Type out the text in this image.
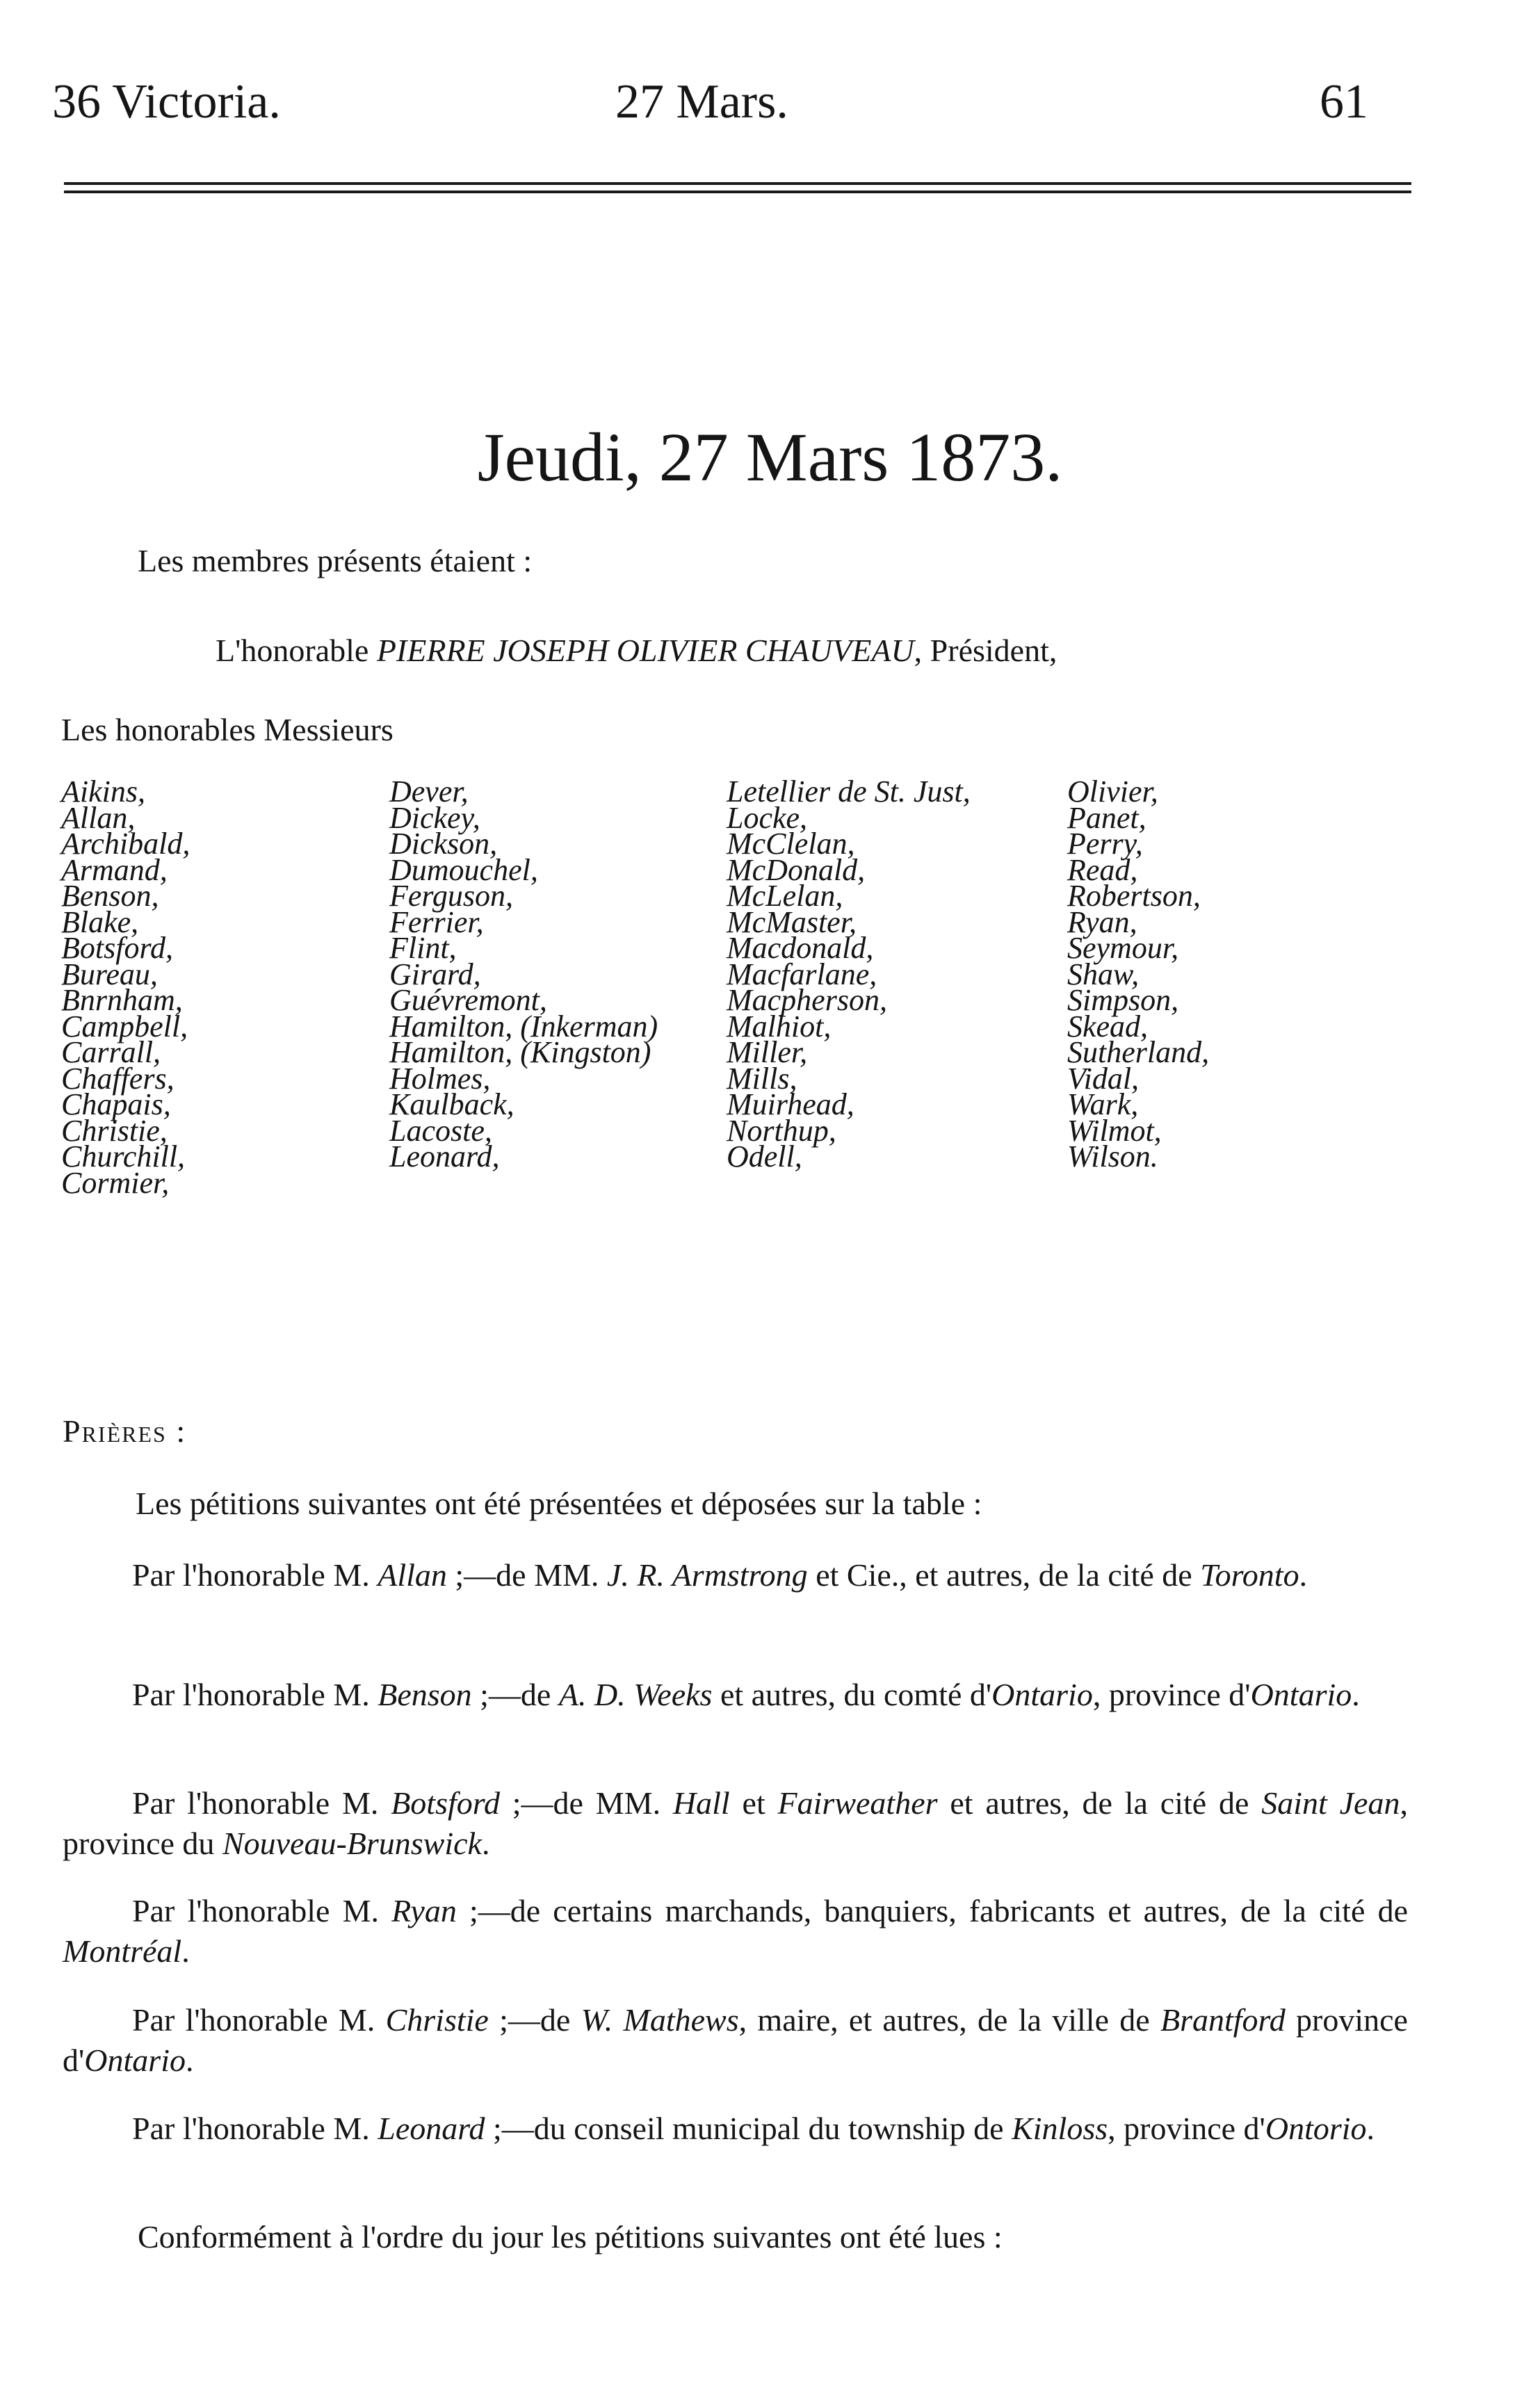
36 Victoria.	27 Mars.	61
Jeudi, 27 Mars 1873.
Les membres présents étaient :
L'honorable PIERRE JOSEPH OLIVIER CHAUVEAU, Président,
Les honorables Messieurs
Aikins,
Allan,
Archibald,
Armand,
Benson,
Blake,
Botsford,
Bureau,
Bnrnham,
Campbell,
Carrall,
Chaffers,
Chapais,
Christie,
Churchill,
Cormier,
Dever,
Dickey,
Dickson,
Dumouchel,
Ferguson,
Ferrier,
Flint,
Girard,
Guévremont,
Hamilton, (Inkerman)
Hamilton, (Kingston)
Holmes,
Kaulback,
Lacoste,
Leonard,
Letellier de St. Just,
Locke,
McClelan,
McDonald,
McLelan,
McMaster,
Macdonald,
Macfarlane,
Macpherson,
Malhiot,
Miller,
Mills,
Muirhead,
Northup,
Odell,
Olivier,
Panet,
Perry,
Read,
Robertson,
Ryan,
Seymour,
Shaw,
Simpson,
Skead,
Sutherland,
Vidal,
Wark,
Wilmot,
Wilson.
Prières :
Les pétitions suivantes ont été présentées et déposées sur la table :

Par l'honorable M. Allan ;—de MM. J. R. Armstrong et Cie., et autres, de la cité de Toronto.

Par l'honorable M. Benson ;—de A. D. Weeks et autres, du comté d'Ontario, province d'Ontario.

Par l'honorable M. Botsford ;—de MM. Hall et Fairweather et autres, de la cité de Saint Jean, province du Nouveau-Brunswick.

Par l'honorable M. Ryan ;—de certains marchands, banquiers, fabricants et autres, de la cité de Montréal.

Par l'honorable M. Christie ;—de W. Mathews, maire, et autres, de la ville de Brantford province d'Ontario.

Par l'honorable M. Leonard ;—du conseil municipal du township de Kinloss, province d'Ontorio.

Conformément à l'ordre du jour les pétitions suivantes ont été lues :
